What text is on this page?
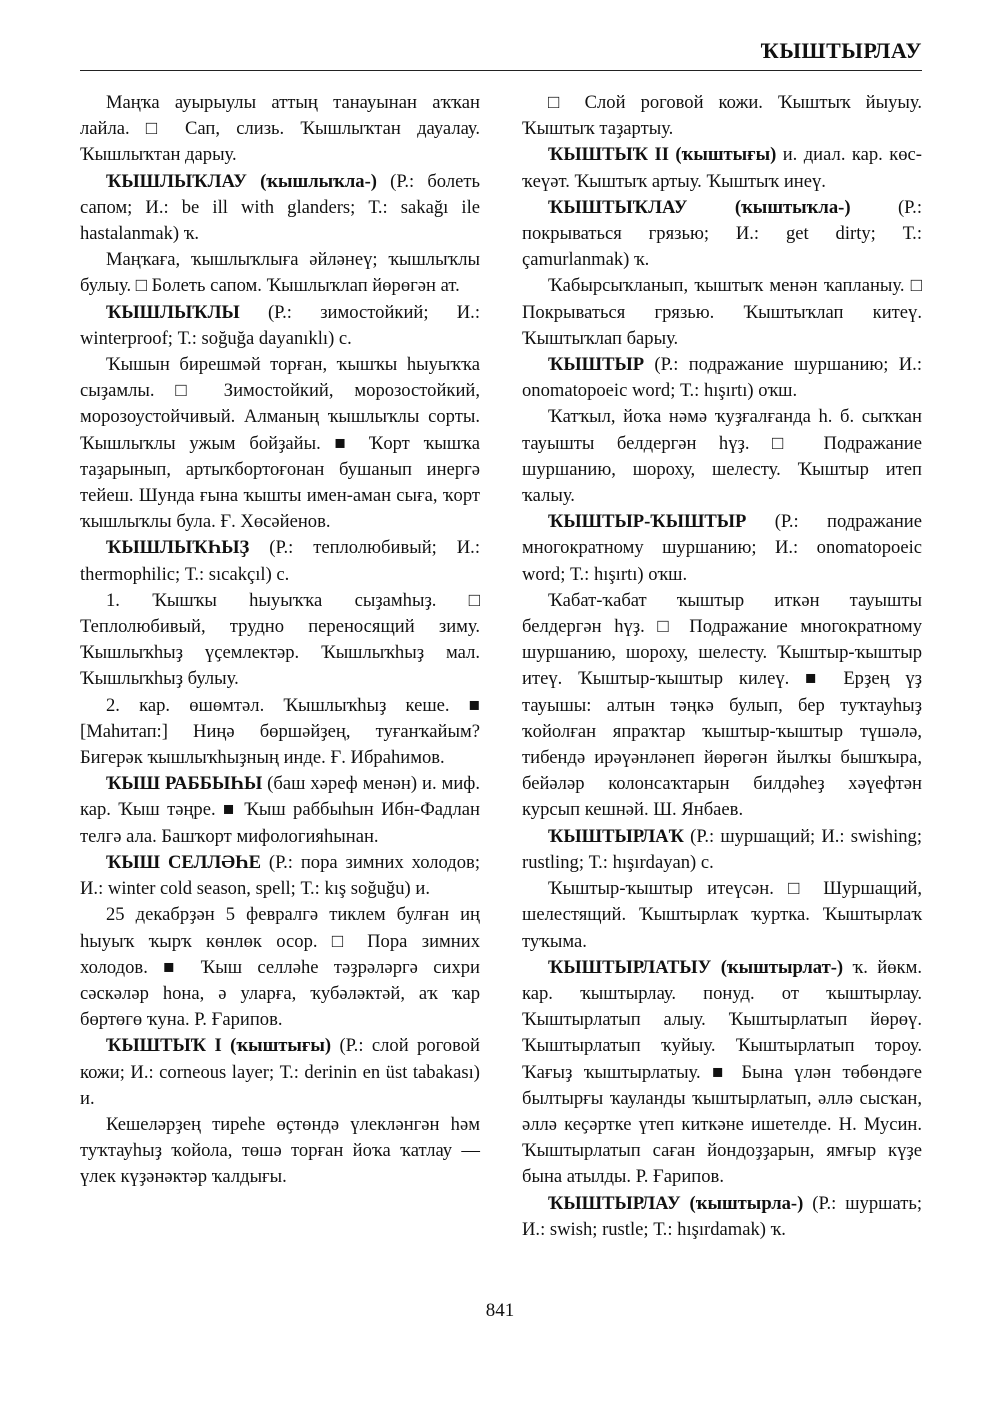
ҠЫШТЫРЛАУ

Маңҡа ауырыулы аттың танауынан аҡҡан лайла. □ Сап, слизь. Ҡышлыҡтан дауалау. Ҡышлыҡтан дарыу.

ҠЫШЛЫҠЛАУ (ҡышлыҡла-) (Р.: болеть сапом; И.: be ill with glanders; Т.: sakağı ile hastalanmak) ҡ.

Маңҡаға, ҡышлыҡлыға әйләнеү; ҡышлыҡлы булыу. □ Болеть сапом. Ҡышлыҡлап йөрөгән ат.

ҠЫШЛЫҠЛЫ (Р.: зимостойкий; И.: winterproof; Т.: soğuğa dayanıklı) с.

Ҡышын бирешмәй торған, ҡышҡы һыуыҡҡа сыҙамлы. □ Зимостойкий, морозостойкий, морозоустойчивый. Алманың ҡышлыҡлы сорты. Ҡышлыҡлы ужым бойҙайы. ■ Ҡорт ҡышҡа таҙарынып, артыҡбортоғонан бушанып инергә тейеш. Шунда ғына ҡышты имен-аман сыға, ҡорт ҡышлыҡлы була. Ғ. Хөсәйенов.

ҠЫШЛЫҠҺЫҘ (Р.: теплолюбивый; И.: thermophilic; Т.: sıcakçıl) с.

1. Ҡышҡы һыуыҡҡа сыҙамһыҙ. □ Теплолюбивый, трудно переносящий зиму. Ҡышлыҡһыҙ үҫемлектәр. Ҡышлыҡһыҙ мал. Ҡышлыҡһыҙ булыу.

2. кар. өшөмтәл. Ҡышлыҡһыҙ кеше. ■ [Маһитап:] Ниңә бөршәйҙең, туғанҡайым? Бигерәк ҡышлыҡһыҙның инде. Ғ. Ибраһимов.

ҠЫШ РАББЫҺЫ (баш хәреф менән) и. миф. кар. Ҡыш тәңре. ■ Ҡыш раббыһын Ибн-Фадлан телгә ала. Башҡорт мифологияһынан.

ҠЫШ СЕЛЛӘҺЕ (Р.: пора зимних холодов; И.: winter cold season, spell; Т.: kış soğuğu) и.

25 декабрҙән 5 февралгә тиклем булған иң һыуыҡ ҡырҡ көнлөк осор. □ Пора зимних холодов. ■ Ҡыш селләһе тәҙрәләргә сихри сәскәләр һона, ә уларға, ҡубәләктәй, аҡ ҡар бөртөгө ҡуна. Р. Ғарипов.

ҠЫШТЫҠ I (ҡыштығы) (Р.: слой роговой кожи; И.: corneous layer; Т.: derinin en üst tabakası) и.

Кешеләрҙең тиреһе өҫтөндә үлекләнгән һәм туҡтауһыҙ ҡойола, төшә торған йоҡа ҡатлау — үлек күҙәнәктәр ҡалдығы.

□ Слой роговой кожи. Ҡыштыҡ йыуыу. Ҡыштыҡ таҙартыу.

ҠЫШТЫҠ II (ҡыштығы) и. диал. кар. көс-ҡеүәт. Ҡыштыҡ артыу. Ҡыштыҡ инеү.

ҠЫШТЫҠЛАУ (ҡыштыҡла-) (Р.: покрываться грязью; И.: get dirty; Т.: çamurlanmak) ҡ.

Ҡабырсыҡланып, ҡыштыҡ менән ҡапланыу. □ Покрываться грязью. Ҡыштыҡлап китеү. Ҡыштыҡлап барыу.

ҠЫШТЫР (Р.: подражание шуршанию; И.: onomatopoeic word; Т.: hışırtı) оҡш.

Ҡатҡыл, йоҡа нәмә ҡуҙғалғанда һ. б. сыҡҡан тауышты белдергән һүҙ. □ Подражание шуршанию, шороху, шелесту. Ҡыштыр итеп ҡалыу.

ҠЫШТЫР-ҠЫШТЫР (Р.: подражание многократному шуршанию; И.: onomatopoeic word; Т.: hışırtı) оҡш.

Ҡабат-ҡабат ҡыштыр иткән тауышты белдергән һүҙ. □ Подражание многократному шуршанию, шороху, шелесту. Ҡыштыр-ҡыштыр итеү. Ҡыштыр-ҡыштыр килеү. ■ Ерҙең үҙ тауышы: алтын тәңкә булып, бер туҡтауһыҙ ҡойолған япраҡтар ҡыштыр-ҡыштыр түшәлә, тибендә ирәүәнләнеп йөрөгән йылҡы бышҡыра, бейәләр колонсаҡтарын билдәһеҙ хәүефтән курсып кешнәй. Ш. Янбаев.

ҠЫШТЫРЛАҠ (Р.: шуршащий; И.: swishing; rustling; Т.: hışırdayan) с.

Ҡыштыр-ҡыштыр итеүсән. □ Шуршащий, шелестящий. Ҡыштырлаҡ ҡуртка. Ҡыштырлаҡ туҡыма.

ҠЫШТЫРЛАТЫУ (ҡыштырлат-) ҡ. йөкм. кар. ҡыштырлау. понуд. от ҡыштырлау. Ҡыштырлатып алыу. Ҡыштырлатып йөрөү. Ҡыштырлатып ҡуйыу. Ҡыштырлатып тороу. Ҡағыҙ ҡыштырлатыу. ■ Бына үлән төбөндәге былтырғы ҡауланды ҡыштырлатып, әллә сысҡан, әллә кеҫәртке үтеп киткәне ишетелде. Н. Мусин. Ҡыштырлатып саған йондоҙҙарын, ямғыр күҙе бына атылды. Р. Ғарипов.

ҠЫШТЫРЛАУ (ҡыштырла-) (Р.: шуршать; И.: swish; rustle; Т.: hışırdamak) ҡ.

841
